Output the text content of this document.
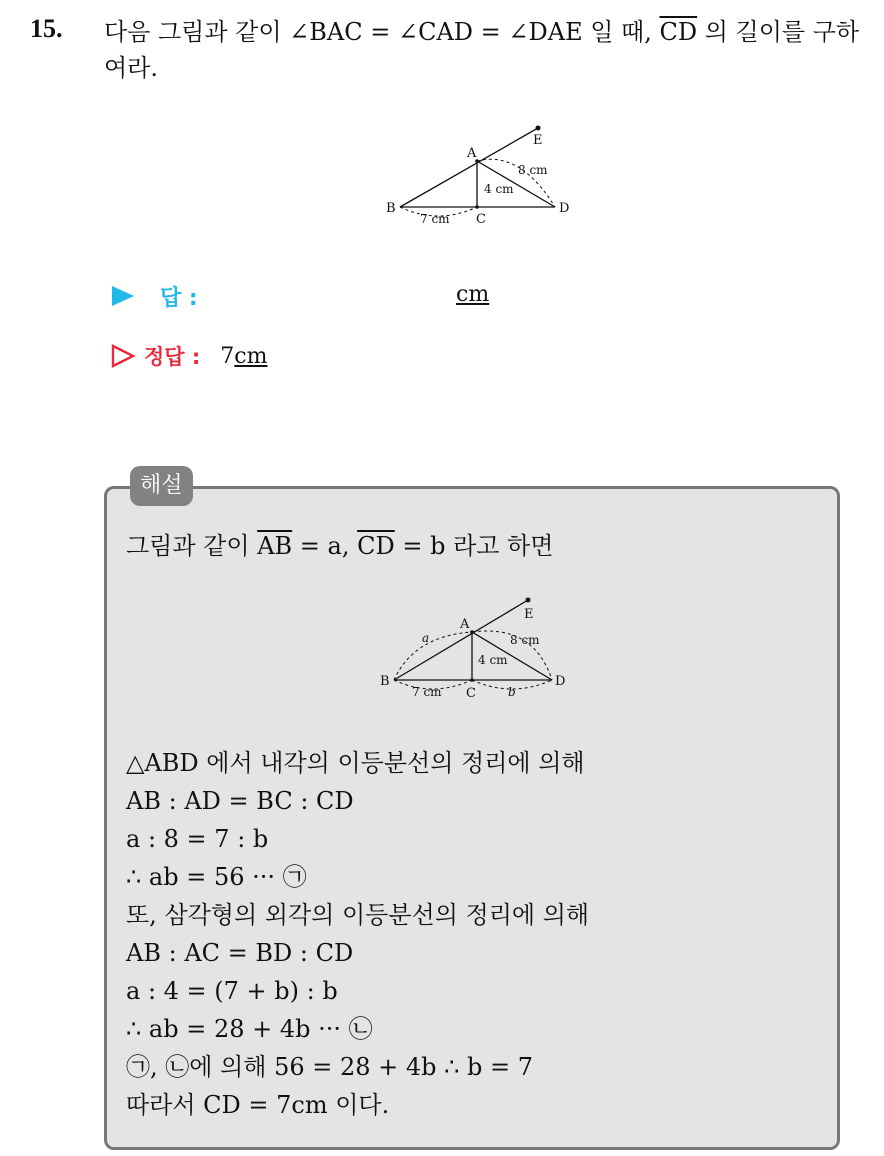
15. 다음 그림과 같이 ∠BAC = ∠CAD = ∠DAE 일 때, $\overline{CD}$ 의 길이를 구하여라.
A
B
C
D
E
8 cm
4 cm
7 cm
답 :	cm
정답 : 7cm
해설
그림과 같이 $\overline{AB} = a$, $\overline{CD} = b$ 라고 하면
A
B
C
D
E
a	8 cm
4 cm
7 cm	b
△ABD 에서 내각의 이등분선의 정리에 의해
AB : AD = BC : CD
a : 8 = 7 : b
∴ ab = 56 ··· ㉠
또, 삼각형의 외각의 이등분선의 정리에 의해
AB : AC = BD : CD
a : 4 = (7 + b) : b
∴ ab = 28 + 4b ··· ㉡
㉠, ㉡에 의해 56 = 28 + 4b ∴ b = 7
따라서 CD = 7cm 이다.
